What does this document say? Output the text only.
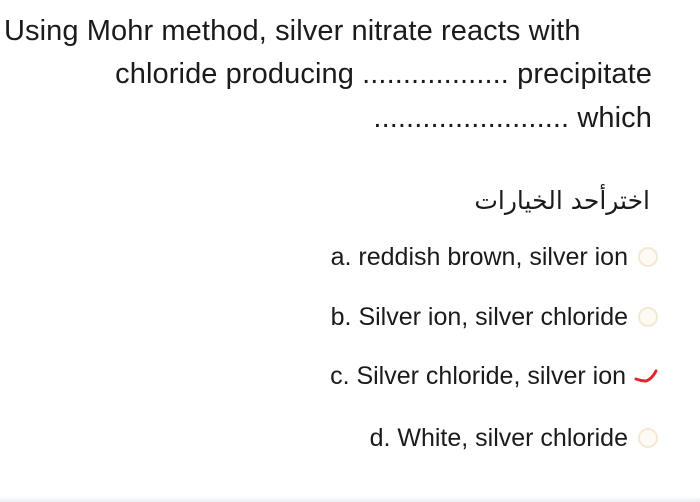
Using Mohr method, silver nitrate reacts with
chloride producing .................. precipitate
........................ which
اخترأحد الخيارات
a. reddish brown, silver ion
b. Silver ion, silver chloride
c. Silver chloride, silver ion
d. White, silver chloride
